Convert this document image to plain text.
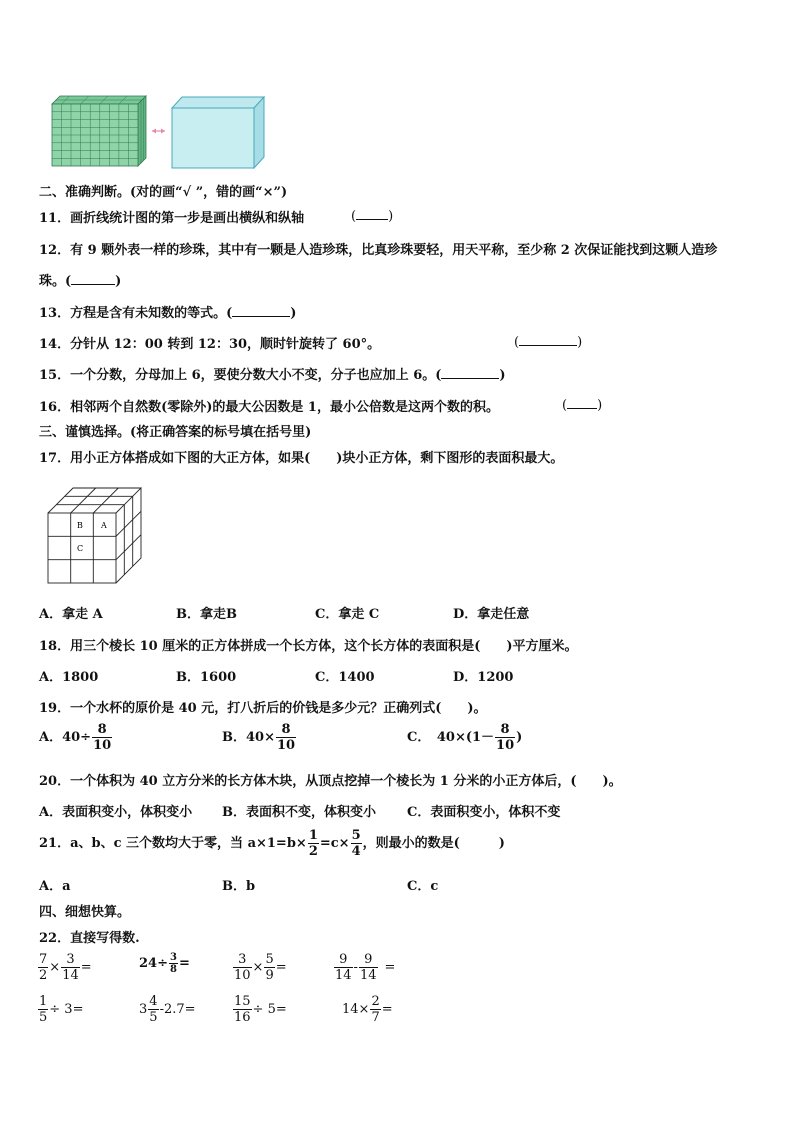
二、准确判断。(对的画“√ ”，错的画“×”)
11．画折线统计图的第一步是画出横纵和纵轴	( )
12．有 9 颗外表一样的珍珠，其中有一颗是人造珍珠，比真珍珠要轻，用天平称，至少称 2 次保证能找到这颗人造珍
珠。(	)
13．方程是含有未知数的等式。(	)
14．分针从 12：00 转到 12：30，顺时针旋转了 60°。	(	)
15．一个分数，分母加上 6，要使分数大小不变，分子也应加上 6。(	)
16．相邻两个自然数(零除外)的最大公因数是 1，最小公倍数是这两个数的积。	( )
三、谨慎选择。(将正确答案的标号填在括号里)
17．用小正方体搭成如下图的大正方体，如果(　　)块小正方体，剩下图形的表面积最大。
B A
C
A．拿走 A	B．拿走B	C．拿走 C	D．拿走任意
18．用三个棱长 10 厘米的正方体拼成一个长方体，这个长方体的表面积是(　　)平方厘米。
A．1800	B．1600	C．1400	D．1200
19．一个水杯的原价是 40 元，打八折后的价钱是多少元？正确列式(　　)。
A．$40\div \frac{8}{10}$	B．$40\times \frac{8}{10}$	C．　$40\times(1- \frac{8}{10}$ )
20．一个体积为 40 立方分米的长方体木块，从顶点挖掉一个棱长为 1 分米的小正方体后，(　　)。
A．表面积变小，体积变小 B．表面积不变，体积变小 C．表面积变小，体积不变
21．a、b、c 三个数均大于零，当 $a\times 1=b\times \frac{1}{2} =c\times \frac{5}{4}$ ，则最小的数是(　　　)
A．a	B．b	C．c
四、细想快算。
22．直接写得数.
$\frac{7}{2} \times \frac{3}{14}$ =	$24\div \frac{3}{8}$ =	$\frac{3}{10} \times \frac{5}{9}$ =	$\frac{9}{14} - \frac{9}{14}$ =
$\frac{1}{5} \div 3=$	$3 \frac{4}{5} -2.7=$	$\frac{15}{16} \div 5=$	$14\times \frac{2}{7}$ =
